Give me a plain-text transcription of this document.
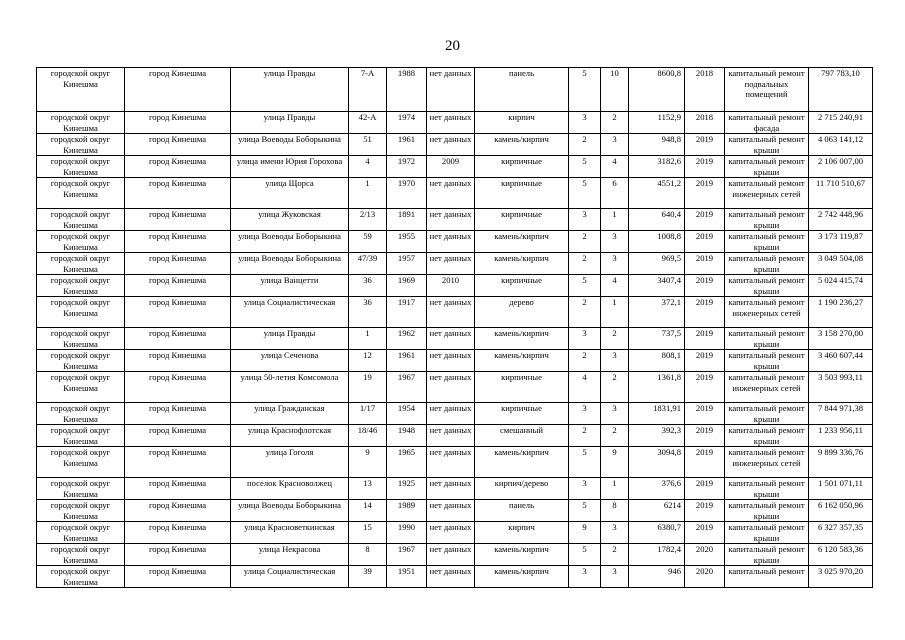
20
городской округ Кинешма	город Кинешма	улица Правды	7-А	1988	нет данных	панель	5	10	8600,8	2018	капитальный ремонт подвальных помещений	797 783,10
городской округ Кинешма	город Кинешма	улица Правды	42-А	1974	нет данных	кирпич	3	2	1152,9	2018	капитальный ремонт фасада	2 715 240,91
городской округ Кинешма	город Кинешма	улица Воеводы Боборыкина	51	1961	нет данных	камень/кирпич	2	3	948,8	2019	капитальный ремонт крыши	4 063 141,12
городской округ Кинешма	город Кинешма	улица имени Юрия Горохова	4	1972	2009	кирпичные	5	4	3182,6	2019	капитальный ремонт крыши	2 106 007,00
городской округ Кинешма	город Кинешма	улица Щорса	1	1970	нет данных	кирпичные	5	6	4551,2	2019	капитальный ремонт инженерных сетей	11 710 510,67
городской округ Кинешма	город Кинешма	улица Жуковская	2/13	1891	нет данных	кирпичные	3	1	640,4	2019	капитальный ремонт крыши	2 742 448,96
городской округ Кинешма	город Кинешма	улица Воеводы Боборыкина	59	1955	нет данных	камень/кирпич	2	3	1008,8	2019	капитальный ремонт крыши	3 173 119,87
городской округ Кинешма	город Кинешма	улица Воеводы Боборыкина	47/39	1957	нет данных	камень/кирпич	2	3	969,5	2019	капитальный ремонт крыши	3 049 504,08
городской округ Кинешма	город Кинешма	улица Ванцетти	36	1969	2010	кирпичные	5	4	3407,4	2019	капитальный ремонт крыши	5 024 415,74
городской округ Кинешма	город Кинешма	улица Социалистическая	36	1917	нет данных	дерево	2	1	372,1	2019	капитальный ремонт инженерных сетей	1 190 236,27
городской округ Кинешма	город Кинешма	улица Правды	1	1962	нет данных	камень/кирпич	3	2	737,5	2019	капитальный ремонт крыши	3 158 270,00
городской округ Кинешма	город Кинешма	улица Сеченова	12	1961	нет данных	камень/кирпич	2	3	808,1	2019	капитальный ремонт крыши	3 460 607,44
городской округ Кинешма	город Кинешма	улица 50-летия Комсомола	19	1967	нет данных	кирпичные	4	2	1361,8	2019	капитальный ремонт инженерных сетей	3 503 993,11
городской округ Кинешма	город Кинешма	улица Гражданская	1/17	1954	нет данных	кирпичные	3	3	1831,91	2019	капитальный ремонт крыши	7 844 971,38
городской округ Кинешма	город Кинешма	улица Краснофлотская	18/46	1948	нет данных	смешанный	2	2	392,3	2019	капитальный ремонт крыши	1 233 956,11
городской округ Кинешма	город Кинешма	улица Гоголя	9	1965	нет данных	камень/кирпич	5	9	3094,8	2019	капитальный ремонт инженерных сетей	9 899 336,76
городской округ Кинешма	город Кинешма	поселок Красноволжец	13	1925	нет данных	кирпич/дерево	3	1	376,6	2019	капитальный ремонт крыши	1 501 071,11
городской округ Кинешма	город Кинешма	улица Воеводы Боборыкина	14	1989	нет данных	панель	5	8	6214	2019	капитальный ремонт крыши	6 162 050,96
городской округ Кинешма	город Кинешма	улица Красноветкинская	15	1990	нет данных	кирпич	9	3	6380,7	2019	капитальный ремонт крыши	6 327 357,35
городской округ Кинешма	город Кинешма	улица Некрасова	8	1967	нет данных	камень/кирпич	5	2	1782,4	2020	капитальный ремонт крыши	6 120 583,36
городской округ Кинешма	город Кинешма	улица Социалистическая	39	1951	нет данных	камень/кирпич	3	3	946	2020	капитальный ремонт	3 025 970,20
